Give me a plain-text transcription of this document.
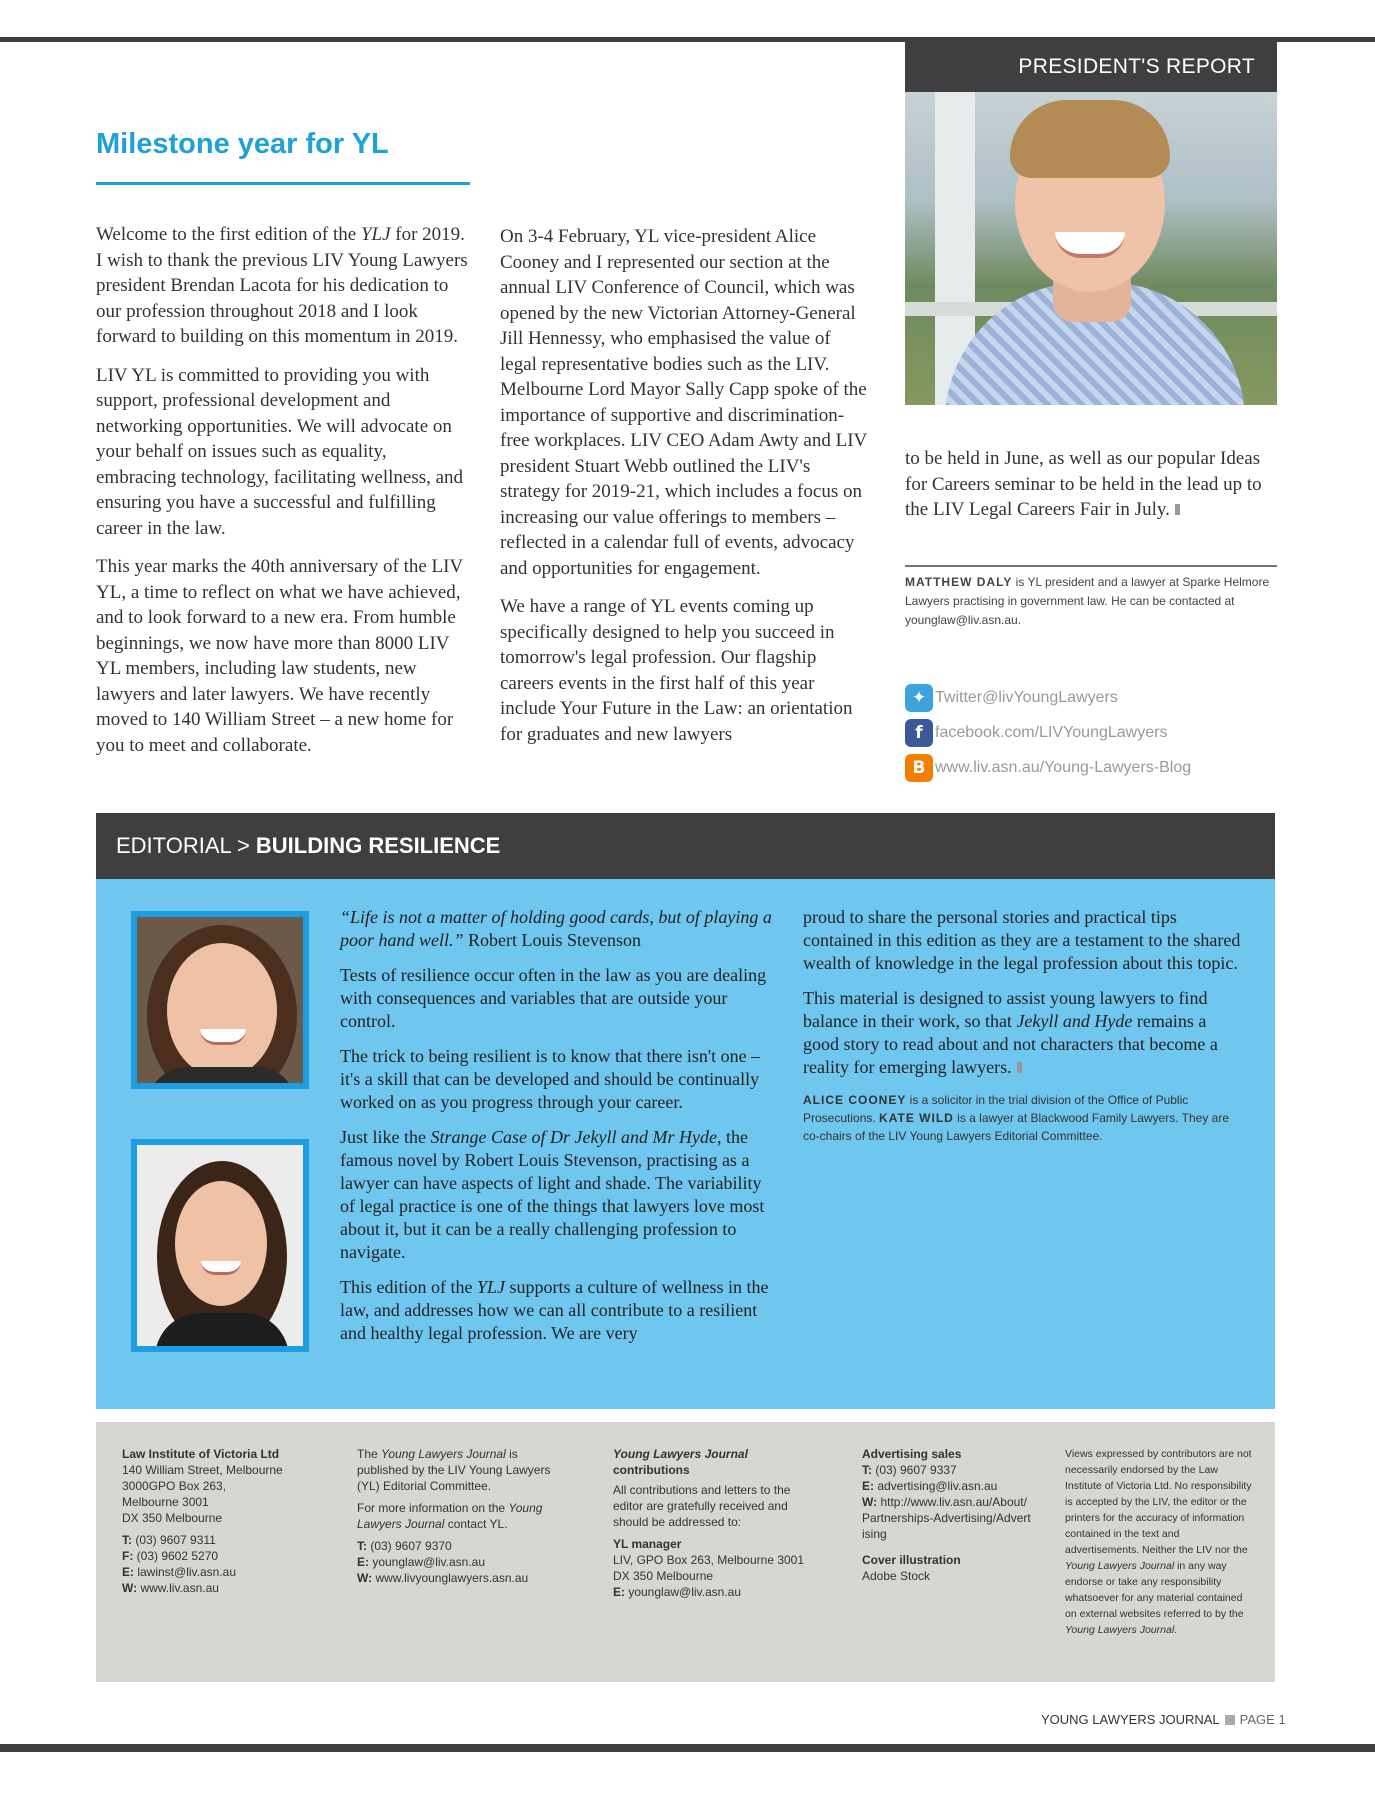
PRESIDENT'S REPORT
Milestone year for YL

Welcome to the first edition of the YLJ for 2019. I wish to thank the previous LIV Young Lawyers president Brendan Lacota for his dedication to our profession throughout 2018 and I look forward to building on this momentum in 2019.

LIV YL is committed to providing you with support, professional development and networking opportunities. We will advocate on your behalf on issues such as equality, embracing technology, facilitating wellness, and ensuring you have a successful and fulfilling career in the law.

This year marks the 40th anniversary of the LIV YL, a time to reflect on what we have achieved, and to look forward to a new era. From humble beginnings, we now have more than 8000 LIV YL members, including law students, new lawyers and later lawyers. We have recently moved to 140 William Street – a new home for you to meet and collaborate.

On 3-4 February, YL vice-president Alice Cooney and I represented our section at the annual LIV Conference of Council, which was opened by the new Victorian Attorney-General Jill Hennessy, who emphasised the value of legal representative bodies such as the LIV. Melbourne Lord Mayor Sally Capp spoke of the importance of supportive and discrimination-free workplaces. LIV CEO Adam Awty and LIV president Stuart Webb outlined the LIV's strategy for 2019-21, which includes a focus on increasing our value offerings to members – reflected in a calendar full of events, advocacy and opportunities for engagement.

We have a range of YL events coming up specifically designed to help you succeed in tomorrow's legal profession. Our flagship careers events in the first half of this year include Your Future in the Law: an orientation for graduates and new lawyers

to be held in June, as well as our popular Ideas for Careers seminar to be held in the lead up to the LIV Legal Careers Fair in July.

MATTHEW DALY is YL president and a lawyer at Sparke Helmore Lawyers practising in government law. He can be contacted at younglaw@liv.asn.au.
✦ Twitter@livYoungLawyers
f facebook.com/LIVYoungLawyers
B www.liv.asn.au/Young-Lawyers-Blog
EDITORIAL > BUILDING RESILIENCE

“Life is not a matter of holding good cards, but of playing a poor hand well.” Robert Louis Stevenson

Tests of resilience occur often in the law as you are dealing with consequences and variables that are outside your control.

The trick to being resilient is to know that there isn't one – it's a skill that can be developed and should be continually worked on as you progress through your career.

Just like the Strange Case of Dr Jekyll and Mr Hyde, the famous novel by Robert Louis Stevenson, practising as a lawyer can have aspects of light and shade. The variability of legal practice is one of the things that lawyers love most about it, but it can be a really challenging profession to navigate.

This edition of the YLJ supports a culture of wellness in the law, and addresses how we can all contribute to a resilient and healthy legal profession. We are very

proud to share the personal stories and practical tips contained in this edition as they are a testament to the shared wealth of knowledge in the legal profession about this topic.

This material is designed to assist young lawyers to find balance in their work, so that Jekyll and Hyde remains a good story to read about and not characters that become a reality for emerging lawyers.

ALICE COONEY is a solicitor in the trial division of the Office of Public Prosecutions. KATE WILD is a lawyer at Blackwood Family Lawyers. They are co-chairs of the LIV Young Lawyers Editorial Committee.
Law Institute of Victoria Ltd
140 William Street, Melbourne
3000GPO Box 263,
Melbourne 3001
DX 350 Melbourne
T: (03) 9607 9311
F: (03) 9602 5270
E: lawinst@liv.asn.au
W: www.liv.asn.au

The Young Lawyers Journal is published by the LIV Young Lawyers (YL) Editorial Committee.

For more information on the Young Lawyers Journal contact YL.

T: (03) 9607 9370
E: younglaw@liv.asn.au
W: www.livyounglawyers.asn.au
Young Lawyers Journal
contributions

All contributions and letters to the editor are gratefully received and should be addressed to:

YL manager
LIV, GPO Box 263, Melbourne 3001
DX 350 Melbourne
E: younglaw@liv.asn.au
Advertising sales
T: (03) 9607 9337
E: advertising@liv.asn.au
W: http://www.liv.asn.au/About/Partnerships-Advertising/Advertising
Cover illustration
Adobe Stock
Views expressed by contributors are not necessarily endorsed by the Law Institute of Victoria Ltd. No responsibility is accepted by the LIV, the editor or the printers for the accuracy of information contained in the text and advertisements. Neither the LIV nor the Young Lawyers Journal in any way endorse or take any responsibility whatsoever for any material contained on external websites referred to by the Young Lawyers Journal.
YOUNG LAWYERS JOURNAL PAGE 1
